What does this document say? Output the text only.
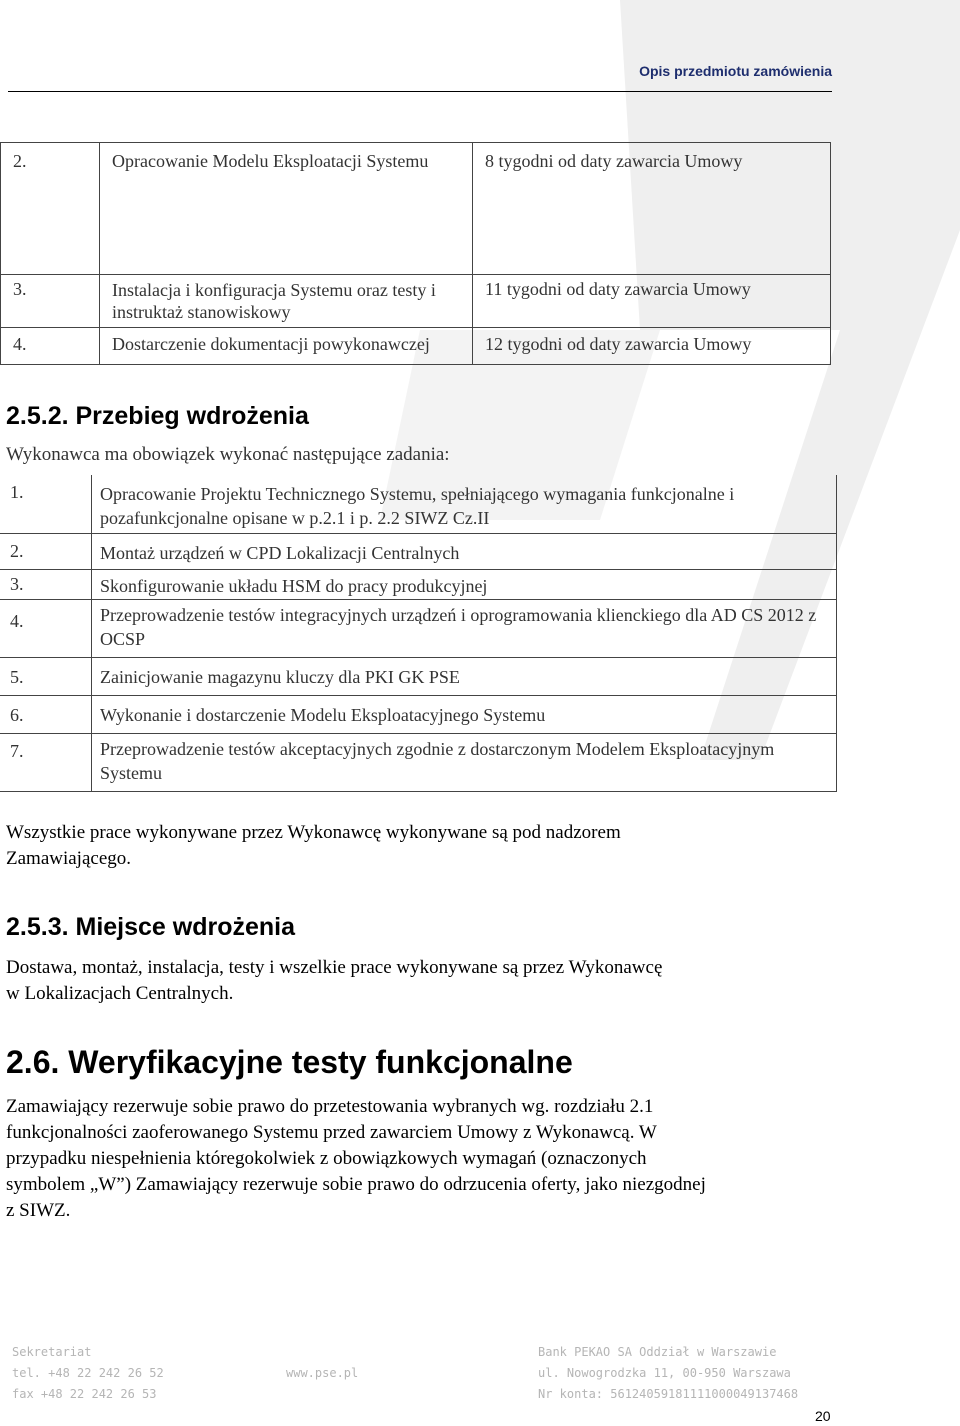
Opis przedmiotu zamówienia
2.	Opracowanie Modelu Eksploatacji Systemu	8 tygodni od daty zawarcia Umowy

3.	Instalacja i konfiguracja Systemu oraz testy i instruktaż stanowiskowy	11 tygodni od daty zawarcia Umowy

4.	Dostarczenie dokumentacji powykonawczej	12 tygodni od daty zawarcia Umowy
2.5.2. Przebieg wdrożenia
Wykonawca ma obowiązek wykonać następujące zadania:
1.	Opracowanie Projektu Technicznego Systemu, spełniającego wymagania funkcjonalne i pozafunkcjonalne opisane w p.2.1 i p. 2.2 SIWZ Cz.II

2.	Montaż urządzeń w CPD Lokalizacji Centralnych

3.	Skonfigurowanie układu HSM do pracy produkcyjnej

4.	Przeprowadzenie testów integracyjnych urządzeń i oprogramowania klienckiego dla AD CS 2012 z OCSP

5.	Zainicjowanie magazynu kluczy dla PKI GK PSE

6.	Wykonanie i dostarczenie Modelu Eksploatacyjnego Systemu

7.	Przeprowadzenie testów akceptacyjnych zgodnie z dostarczonym Modelem Eksploatacyjnym Systemu
Wszystkie prace wykonywane przez Wykonawcę wykonywane są pod nadzorem
Zamawiającego.
2.5.3. Miejsce wdrożenia
Dostawa, montaż, instalacja, testy i wszelkie prace wykonywane są przez Wykonawcę
w Lokalizacjach Centralnych.
2.6. Weryfikacyjne testy funkcjonalne
Zamawiający rezerwuje sobie prawo do przetestowania wybranych wg. rozdziału 2.1
funkcjonalności zaoferowanego Systemu przed zawarciem Umowy z Wykonawcą. W
przypadku niespełnienia któregokolwiek z obowiązkowych wymagań (oznaczonych
symbolem „W”) Zamawiający rezerwuje sobie prawo do odrzucenia oferty, jako niezgodnej
z SIWZ.
Sekretariat
tel. +48 22 242 26 52
fax +48 22 242 26 53
www.pse.pl
Bank PEKAO SA Oddział w Warszawie
ul. Nowogrodzka 11, 00-950 Warszawa
Nr konta: 56124059181111000049137468
20
